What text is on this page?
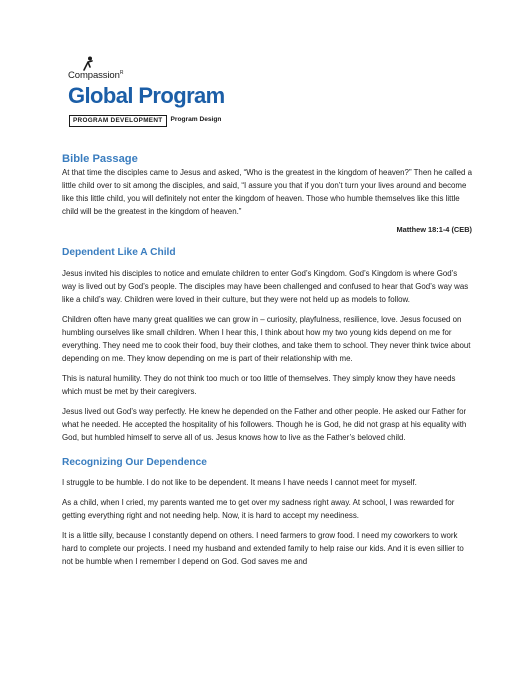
Compassion$^R$
Global Program
PROGRAM DEVELOPMENT Program Design
Bible Passage

At that time the disciples came to Jesus and asked, “Who is the greatest in the kingdom of heaven?” Then he called a little child over to sit among the disciples, and said, “I assure you that if you don’t turn your lives around and become like this little child, you will definitely not enter the kingdom of heaven. Those who humble themselves like this little child will be the greatest in the kingdom of heaven.”

Matthew 18:1-4 (CEB)

Dependent Like A Child

Jesus invited his disciples to notice and emulate children to enter God’s Kingdom. God’s Kingdom is where God’s way is lived out by God’s people. The disciples may have been challenged and confused to hear that God’s way was like a child’s way. Children were loved in their culture, but they were not held up as models to follow.

Children often have many great qualities we can grow in – curiosity, playfulness, resilience, love. Jesus focused on humbling ourselves like small children. When I hear this, I think about how my two young kids depend on me for everything. They need me to cook their food, buy their clothes, and take them to school. They never think twice about depending on me. They know depending on me is part of their relationship with me.

This is natural humility. They do not think too much or too little of themselves. They simply know they have needs which must be met by their caregivers.

Jesus lived out God’s way perfectly. He knew he depended on the Father and other people. He asked our Father for what he needed. He accepted the hospitality of his followers. Though he is God, he did not grasp at his equality with God, but humbled himself to serve all of us. Jesus knows how to live as the Father’s beloved child.

Recognizing Our Dependence

I struggle to be humble. I do not like to be dependent. It means I have needs I cannot meet for myself.

As a child, when I cried, my parents wanted me to get over my sadness right away. At school, I was rewarded for getting everything right and not needing help. Now, it is hard to accept my neediness.

It is a little silly, because I constantly depend on others. I need farmers to grow food. I need my coworkers to work hard to complete our projects. I need my husband and extended family to help raise our kids. And it is even sillier to not be humble when I remember I depend on God. God saves me and
